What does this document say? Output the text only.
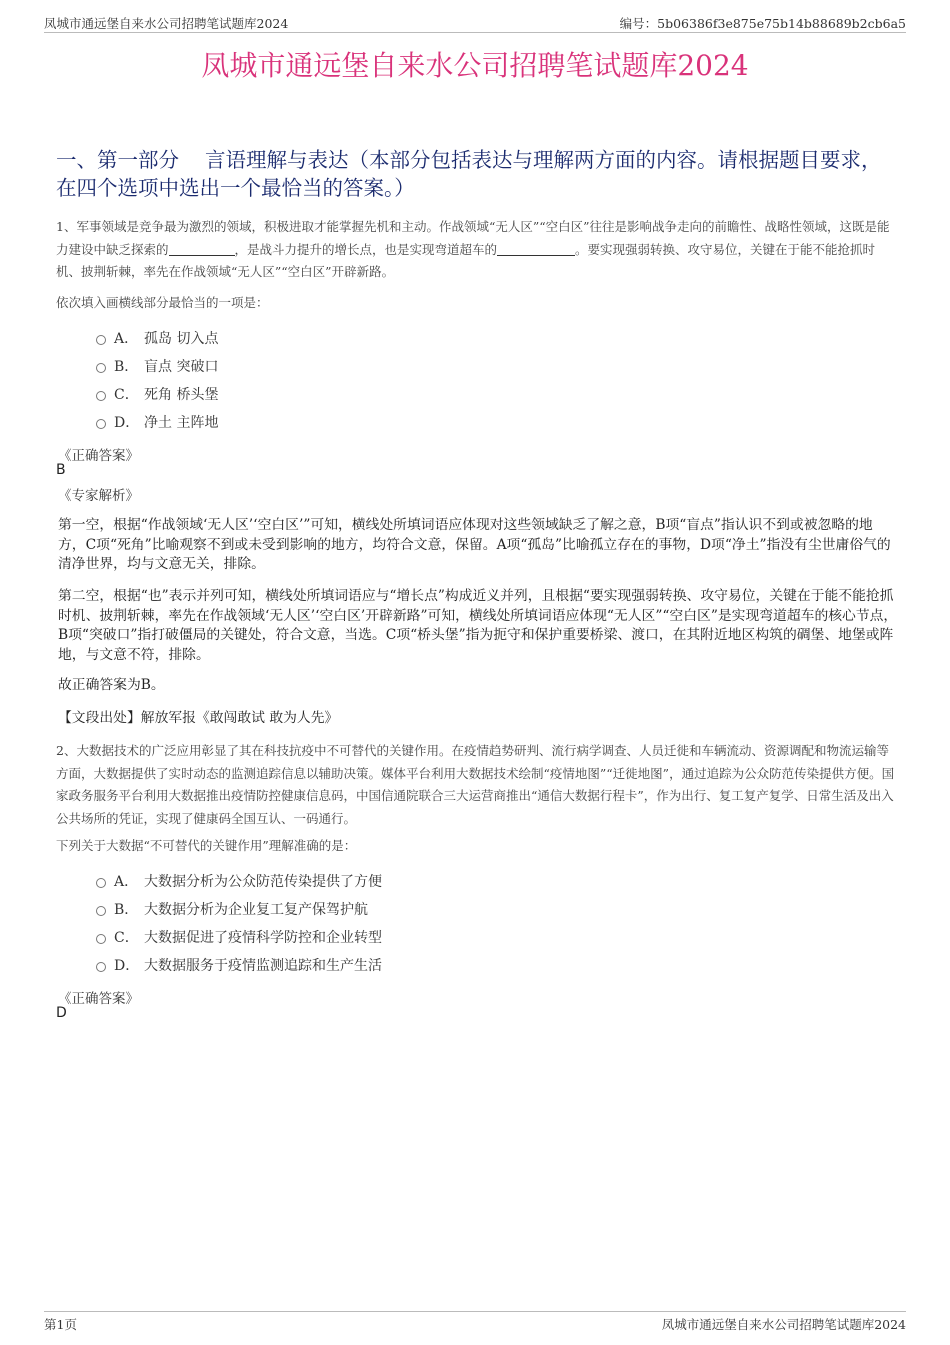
凤城市通远堡自来水公司招聘笔试题库2024	编号：5b06386f3e875e75b14b88689b2cb6a5
凤城市通远堡自来水公司招聘笔试题库2024
一、第一部分 言语理解与表达（本部分包括表达与理解两方面的内容。请根据题目要求，在四个选项中选出一个最恰当的答案。）
1、军事领域是竞争最为激烈的领域，积极进取才能掌握先机和主动。作战领域“无人区”“空白区”往往是影响战争走向的前瞻性、战略性领域，这既是能力建设中缺乏探索的	，是战斗力提升的增长点，也是实现弯道超车的	。要实现强弱转换、攻守易位，关键在于能不能抢抓时机、披荆斩棘，率先在作战领域“无人区”“空白区”开辟新路。
依次填入画横线部分最恰当的一项是：
A． 孤岛 切入点
B． 盲点 突破口
C． 死角 桥头堡
D． 净土 主阵地
《正确答案》
B
《专家解析》
第一空，根据“作战领域‘无人区’‘空白区’”可知，横线处所填词语应体现对这些领域缺乏了解之意，B项“盲点”指认识不到或被忽略的地方，C项“死角”比喻观察不到或未受到影响的地方，均符合文意，保留。A项“孤岛”比喻孤立存在的事物，D项“净土”指没有尘世庸俗气的清净世界，均与文意无关，排除。
第二空，根据“也”表示并列可知，横线处所填词语应与“增长点”构成近义并列，且根据“要实现强弱转换、攻守易位，关键在于能不能抢抓时机、披荆斩棘，率先在作战领域‘无人区’‘空白区’开辟新路”可知，横线处所填词语应体现“无人区”“空白区”是实现弯道超车的核心节点，B项“突破口”指打破僵局的关键处，符合文意，当选。C项“桥头堡”指为扼守和保护重要桥梁、渡口，在其附近地区构筑的碉堡、地堡或阵地，与文意不符，排除。
故正确答案为B。
【文段出处】解放军报《敢闯敢试 敢为人先》
2、大数据技术的广泛应用彰显了其在科技抗疫中不可替代的关键作用。在疫情趋势研判、流行病学调查、人员迁徙和车辆流动、资源调配和物流运输等方面，大数据提供了实时动态的监测追踪信息以辅助决策。媒体平台利用大数据技术绘制“疫情地图”“迁徙地图”，通过追踪为公众防范传染提供方便。国家政务服务平台利用大数据推出疫情防控健康信息码，中国信通院联合三大运营商推出“通信大数据行程卡”，作为出行、复工复产复学、日常生活及出入公共场所的凭证，实现了健康码全国互认、一码通行。
下列关于大数据“不可替代的关键作用”理解准确的是：
A． 大数据分析为公众防范传染提供了方便
B． 大数据分析为企业复工复产保驾护航
C． 大数据促进了疫情科学防控和企业转型
D． 大数据服务于疫情监测追踪和生产生活
《正确答案》
D
第1页	凤城市通远堡自来水公司招聘笔试题库2024
